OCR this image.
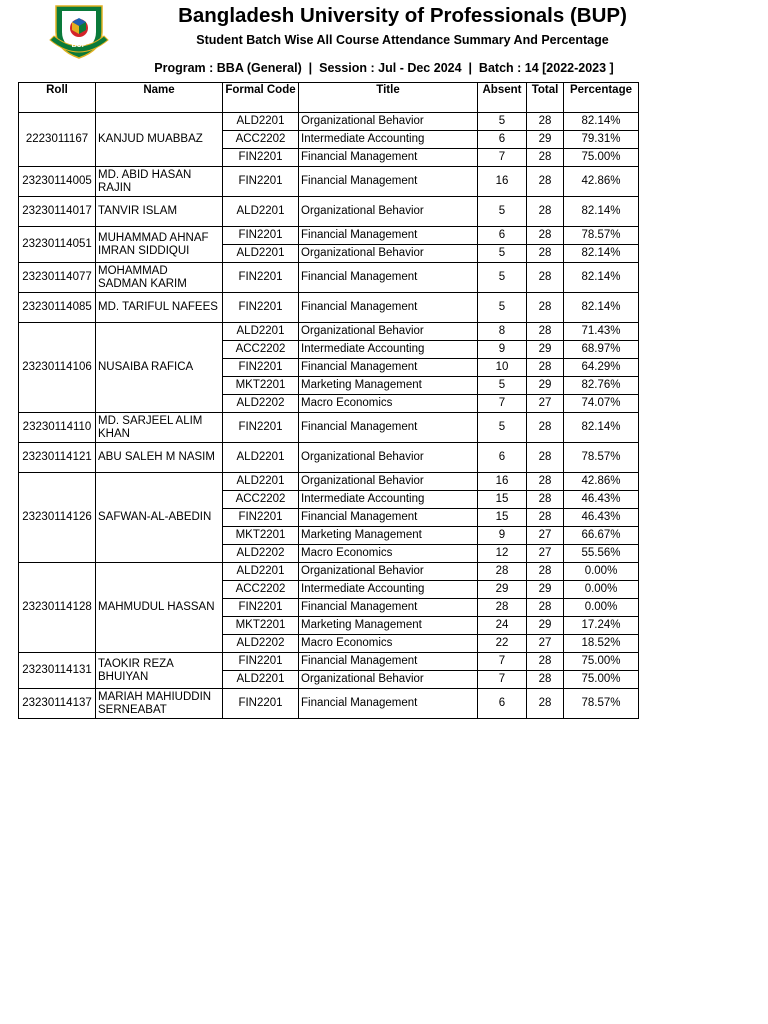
BUP
Bangladesh University of Professionals (BUP)
Student Batch Wise All Course Attendance Summary And Percentage
Program : BBA (General)  |  Session : Jul - Dec 2024  |  Batch : 14 [2022-2023 ]
Roll	Name	Formal Code	Title	Absent	Total	Percentage
2223011167	KANJUD MUABBAZ	ALD2201	Organizational Behavior	5	28	82.14%
		ACC2202	Intermediate Accounting	6	29	79.31%
		FIN2201	Financial Management	7	28	75.00%
23230114005	MD. ABID HASAN RAJIN	FIN2201	Financial Management	16	28	42.86%
23230114017	TANVIR ISLAM	ALD2201	Organizational Behavior	5	28	82.14%
23230114051	MUHAMMAD AHNAF IMRAN SIDDIQUI	FIN2201	Financial Management	6	28	78.57%
		ALD2201	Organizational Behavior	5	28	82.14%
23230114077	MOHAMMAD SADMAN KARIM	FIN2201	Financial Management	5	28	82.14%
23230114085	MD. TARIFUL NAFEES	FIN2201	Financial Management	5	28	82.14%
23230114106	NUSAIBA RAFICA	ALD2201	Organizational Behavior	8	28	71.43%
		ACC2202	Intermediate Accounting	9	29	68.97%
		FIN2201	Financial Management	10	28	64.29%
		MKT2201	Marketing Management	5	29	82.76%
		ALD2202	Macro Economics	7	27	74.07%
23230114110	MD. SARJEEL ALIM KHAN	FIN2201	Financial Management	5	28	82.14%
23230114121	ABU SALEH M NASIM	ALD2201	Organizational Behavior	6	28	78.57%
23230114126	SAFWAN-AL-ABEDIN	ALD2201	Organizational Behavior	16	28	42.86%
		ACC2202	Intermediate Accounting	15	28	46.43%
		FIN2201	Financial Management	15	28	46.43%
		MKT2201	Marketing Management	9	27	66.67%
		ALD2202	Macro Economics	12	27	55.56%
23230114128	MAHMUDUL HASSAN	ALD2201	Organizational Behavior	28	28	0.00%
		ACC2202	Intermediate Accounting	29	29	0.00%
		FIN2201	Financial Management	28	28	0.00%
		MKT2201	Marketing Management	24	29	17.24%
		ALD2202	Macro Economics	22	27	18.52%
23230114131	TAOKIR REZA BHUIYAN	FIN2201	Financial Management	7	28	75.00%
		ALD2201	Organizational Behavior	7	28	75.00%
23230114137	MARIAH MAHIUDDIN SERNEABAT	FIN2201	Financial Management	6	28	78.57%
